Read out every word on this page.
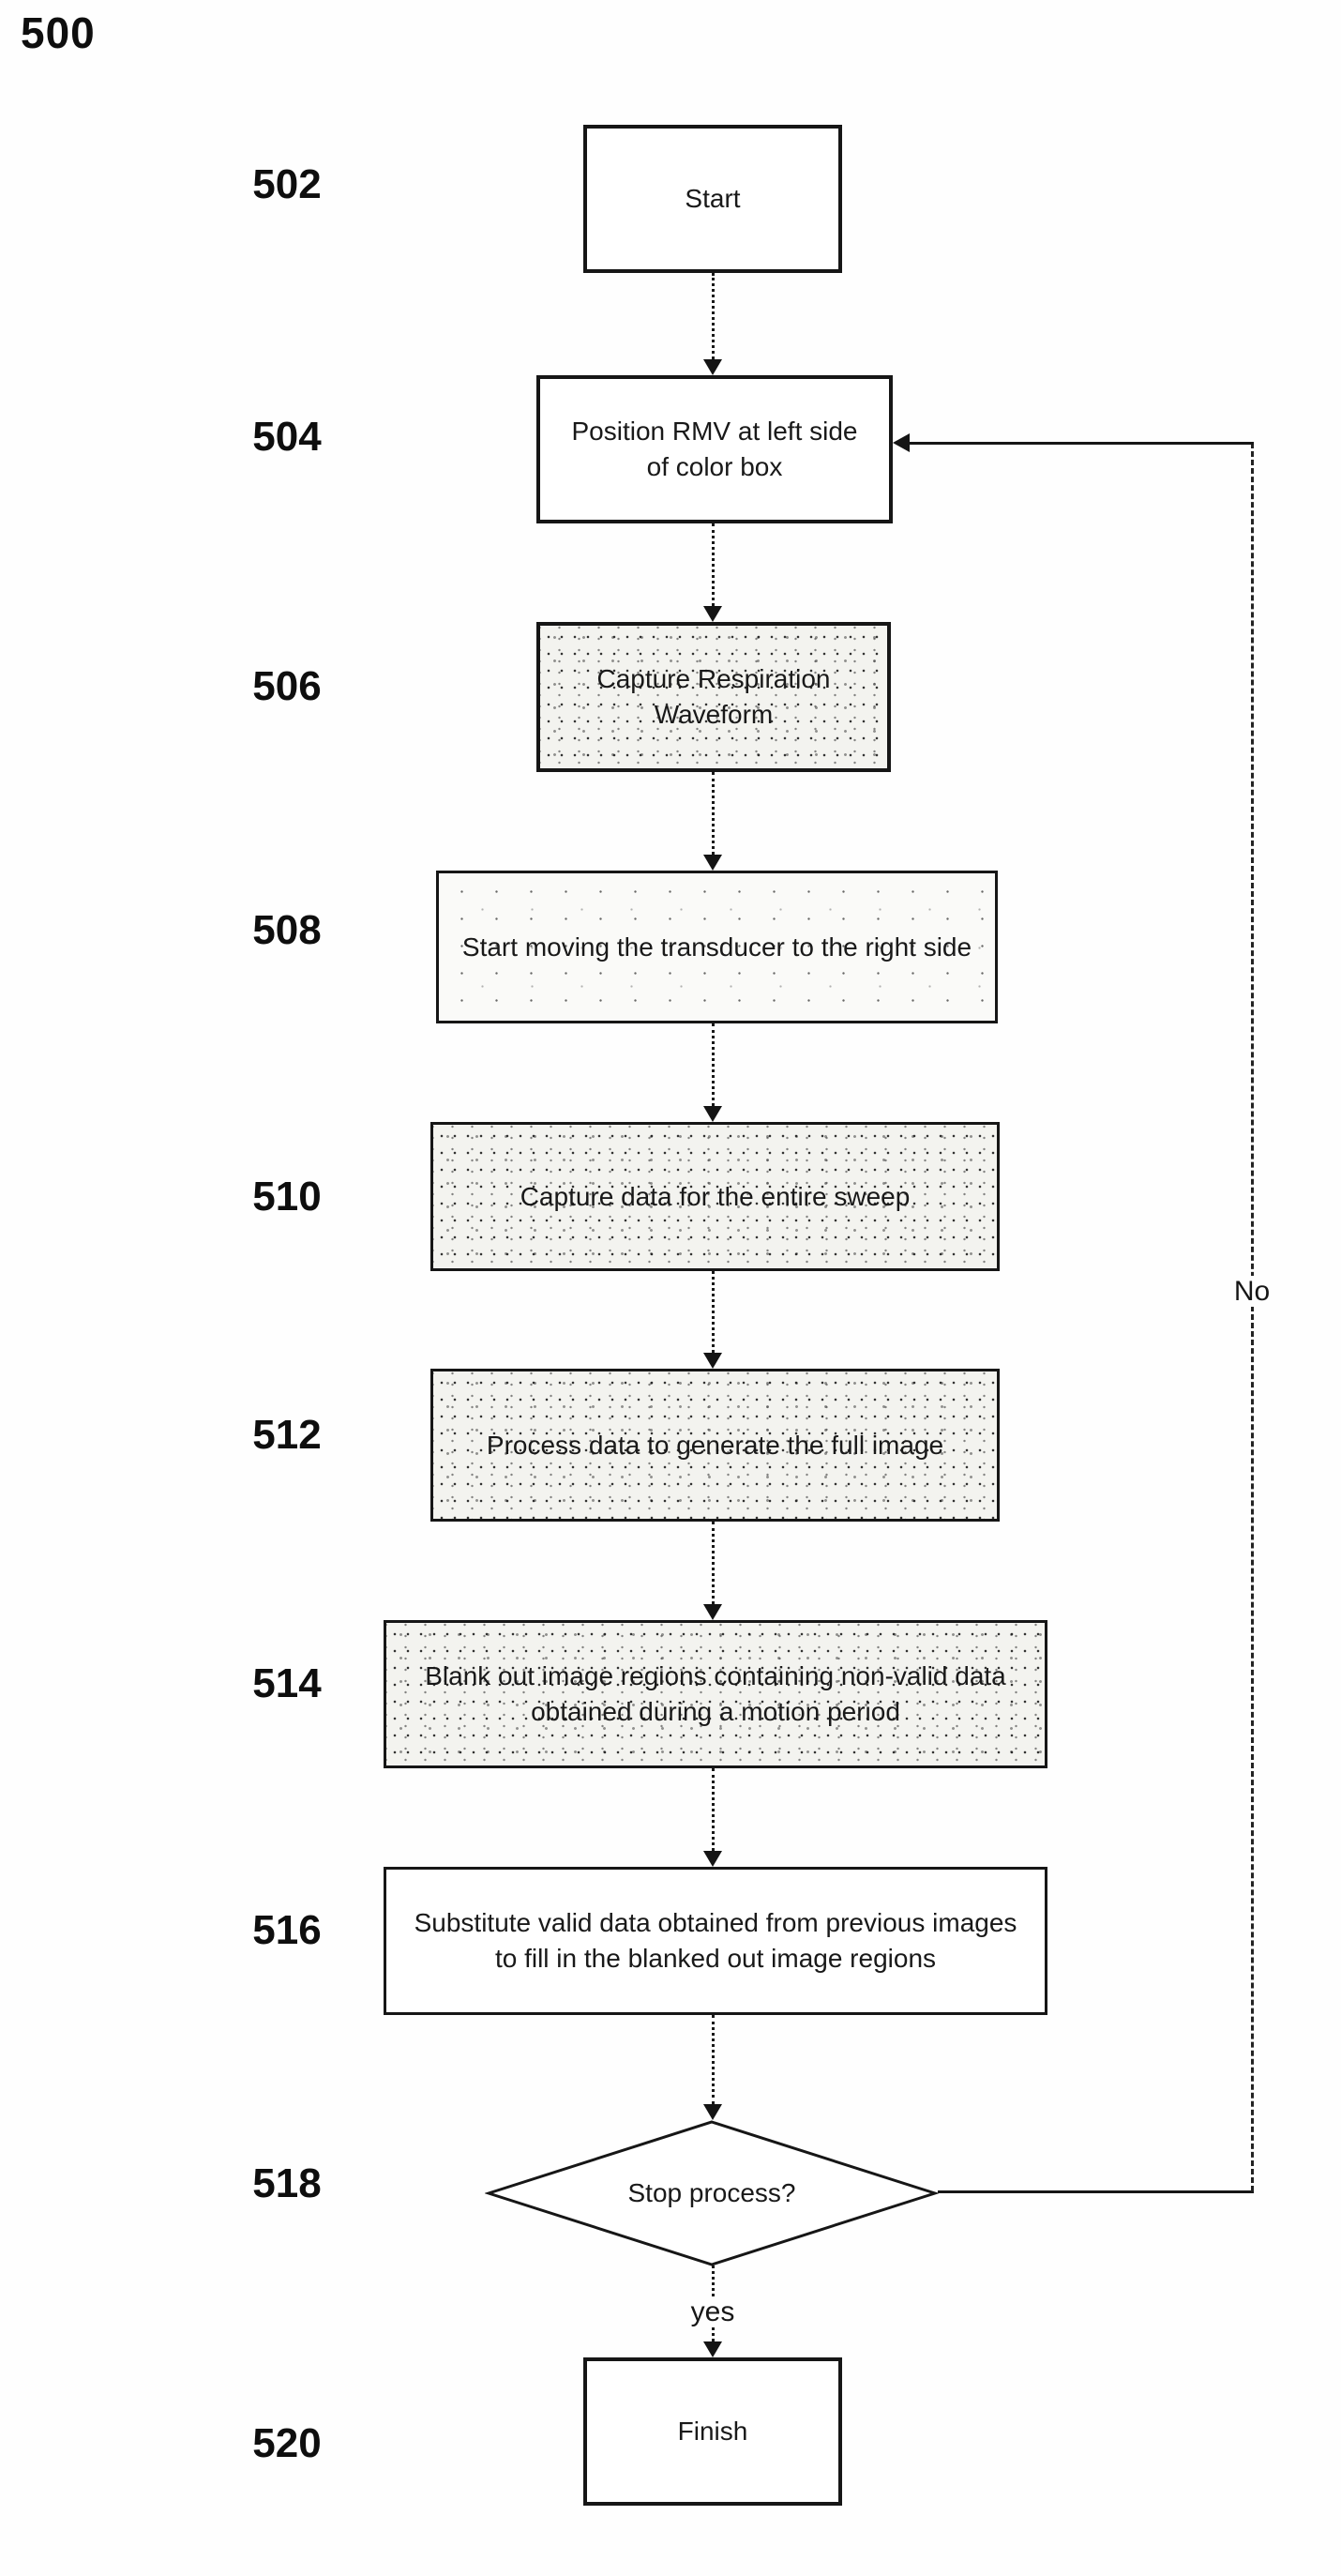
500
502
504
506
508
510
512
514
516
518
520
Start
Position RMV at left side of color box
Capture Respiration Waveform
Start moving the transducer to the right side
Capture data for the entire sweep
Process data to generate the full image
Blank out image regions containing non-valid data obtained during a motion period
Substitute valid data obtained from previous images to fill in the blanked out image regions
Stop process?
Finish
yes
No
